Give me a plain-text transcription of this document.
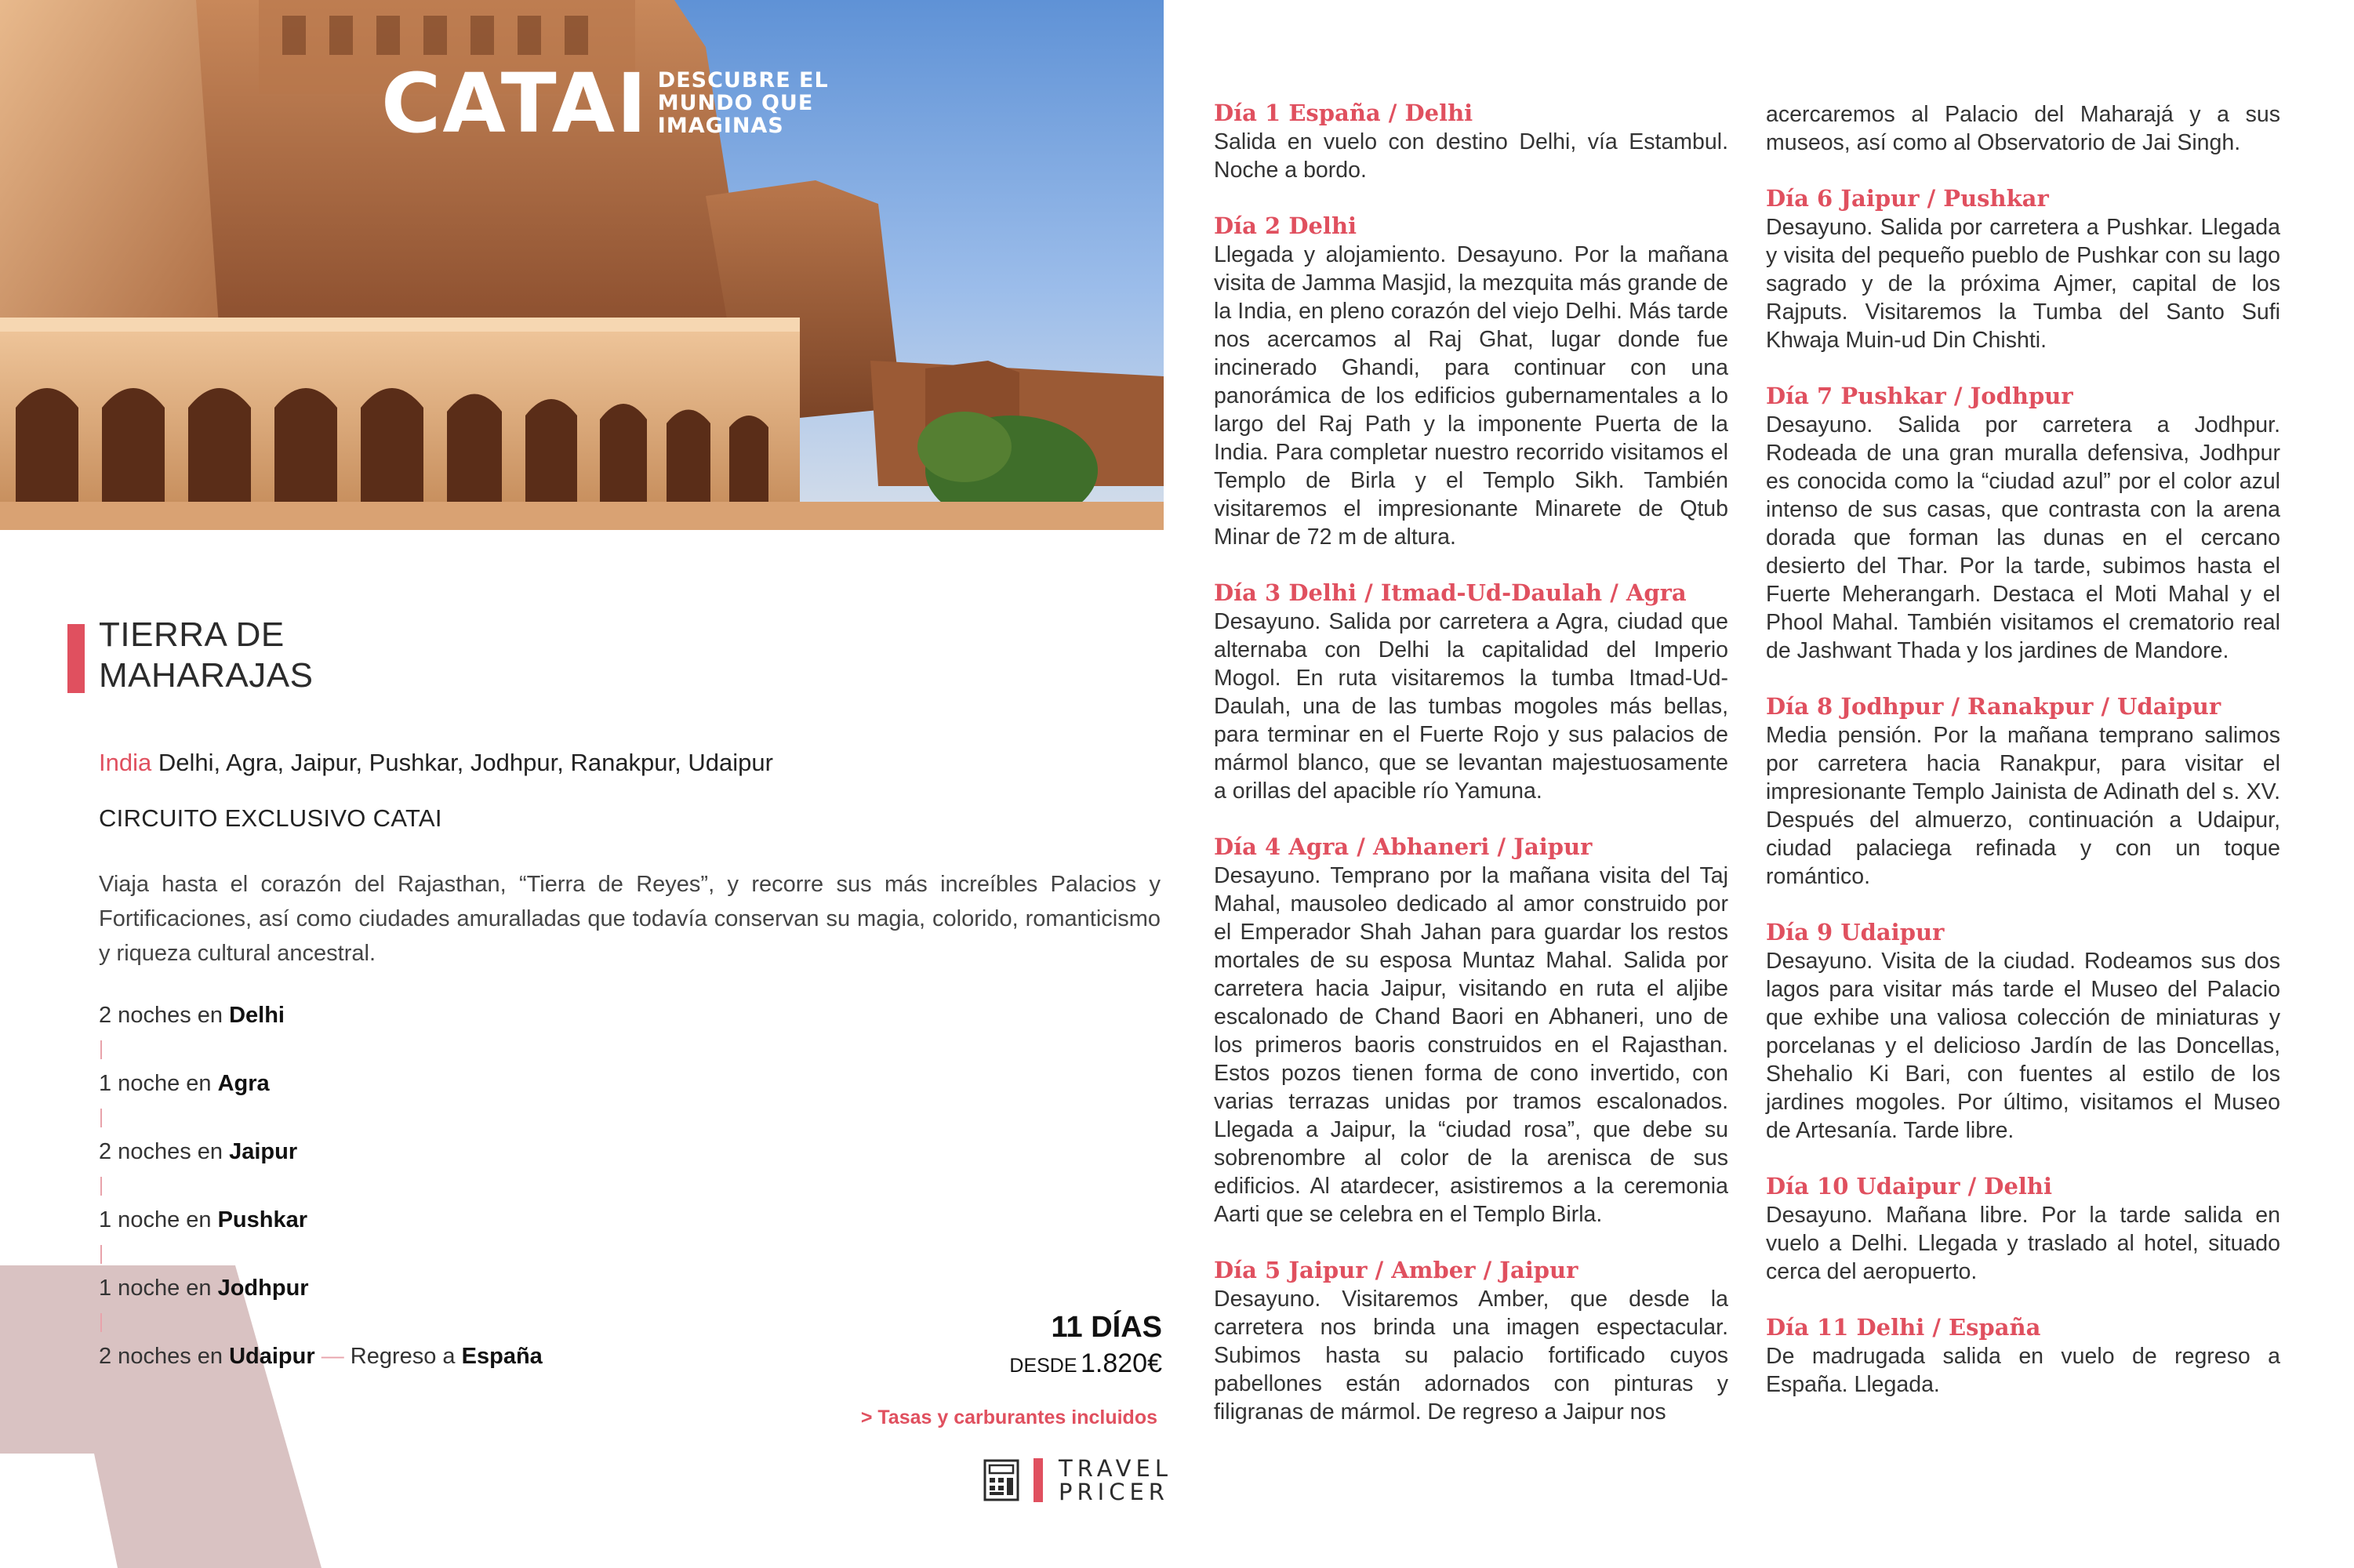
CATAI DESCUBRE EL
MUNDO QUE
IMAGINAS
TIERRA DE
MAHARAJAS
India Delhi, Agra, Jaipur, Pushkar, Jodhpur, Ranakpur, Udaipur
CIRCUITO EXCLUSIVO CATAI
Viaja hasta el corazón del Rajasthan, “Tierra de Reyes”, y recorre sus más increíbles Palacios y Fortificaciones, así como ciudades amuralladas que todavía conservan su magia, colorido, romanticismo y riqueza cultural ancestral.
2 noches en Delhi
1 noche en Agra
2 noches en Jaipur
1 noche en Pushkar
1 noche en Jodhpur
2 noches en Udaipur — Regreso a España
11 DÍAS
DESDE 1.820€
> Tasas y carburantes incluidos
TRAVEL
PRICER
Día 1 España / Delhi
Salida en vuelo con destino Delhi, vía Estambul. Noche a bordo.
Día 2 Delhi
Llegada y alojamiento. Desayuno. Por la mañana visita de Jamma Masjid, la mezquita más grande de la India, en pleno corazón del viejo Delhi. Más tarde nos acercamos al Raj Ghat, lugar donde fue incinerado Ghandi, para continuar con una panorámica de los edificios gubernamentales a lo largo del Raj Path y la imponente Puerta de la India. Para completar nuestro recorrido visitamos el Templo de Birla y el Templo Sikh. También visitaremos el impresionante Minarete de Qtub Minar de 72 m de altura.
Día 3 Delhi / Itmad-Ud-Daulah / Agra
Desayuno. Salida por carretera a Agra, ciudad que alternaba con Delhi la capitalidad del Imperio Mogol. En ruta visitaremos la tumba Itmad-Ud- Daulah, una de las tumbas mogoles más bellas, para terminar en el Fuerte Rojo y sus palacios de mármol blanco, que se levantan majestuosamente a orillas del apacible río Yamuna.
Día 4 Agra / Abhaneri / Jaipur
Desayuno. Temprano por la mañana visita del Taj Mahal, mausoleo dedicado al amor construido por el Emperador Shah Jahan para guardar los restos mortales de su esposa Muntaz Mahal. Salida por carretera hacia Jaipur, visitando en ruta el aljibe escalonado de Chand Baori en Abhaneri, uno de los primeros baoris construidos en el Rajasthan. Estos pozos tienen forma de cono invertido, con varias terrazas unidas por tramos escalonados. Llegada a Jaipur, la “ciudad rosa”, que debe su sobrenombre al color de la arenisca de sus edificios. Al atardecer, asistiremos a la ceremonia Aarti que se celebra en el Templo Birla.
Día 5 Jaipur / Amber / Jaipur
Desayuno. Visitaremos Amber, que desde la carretera nos brinda una imagen espectacular. Subimos hasta su palacio fortificado cuyos pabellones están adornados con pinturas y filigranas de mármol. De regreso a Jaipur nos
acercaremos al Palacio del Maharajá y a sus museos, así como al Observatorio de Jai Singh.
Día 6 Jaipur / Pushkar
Desayuno. Salida por carretera a Pushkar. Llegada y visita del pequeño pueblo de Pushkar con su lago sagrado y de la próxima Ajmer, capital de los Rajputs. Visitaremos la Tumba del Santo Sufi Khwaja Muin-ud Din Chishti.
Día 7 Pushkar / Jodhpur
Desayuno. Salida por carretera a Jodhpur. Rodeada de una gran muralla defensiva, Jodhpur es conocida como la “ciudad azul” por el color azul intenso de sus casas, que contrasta con la arena dorada que forman las dunas en el cercano desierto del Thar. Por la tarde, subimos hasta el Fuerte Meherangarh. Destaca el Moti Mahal y el Phool Mahal. También visitamos el crematorio real de Jashwant Thada y los jardines de Mandore.
Día 8 Jodhpur / Ranakpur / Udaipur
Media pensión. Por la mañana temprano salimos por carretera hacia Ranakpur, para visitar el impresionante Templo Jainista de Adinath del s. XV. Después del almuerzo, continuación a Udaipur, ciudad palaciega refinada y con un toque romántico.
Día 9 Udaipur
Desayuno. Visita de la ciudad. Rodeamos sus dos lagos para visitar más tarde el Museo del Palacio que exhibe una valiosa colección de miniaturas y porcelanas y el delicioso Jardín de las Doncellas, Shehalio Ki Bari, con fuentes al estilo de los jardines mogoles. Por último, visitamos el Museo de Artesanía. Tarde libre.
Día 10 Udaipur / Delhi
Desayuno. Mañana libre. Por la tarde salida en vuelo a Delhi. Llegada y traslado al hotel, situado cerca del aeropuerto.
Día 11 Delhi / España
De madrugada salida en vuelo de regreso a España. Llegada.
